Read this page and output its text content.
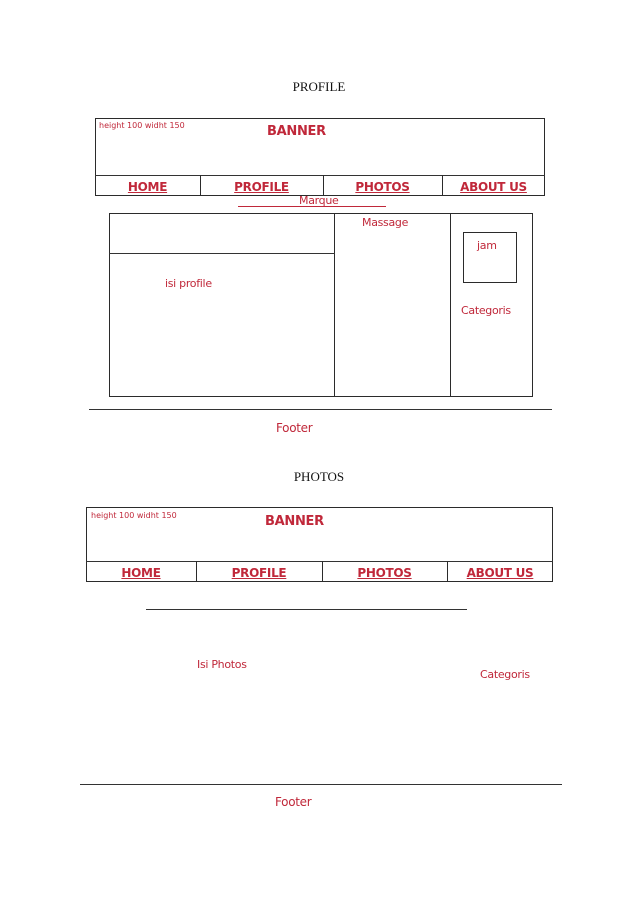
PROFILE
height 100 widht 150	BANNER
HOME	PROFILE	PHOTOS	ABOUT US
Marque
Massage
isi profile
jam
Categoris
Footer
PHOTOS
height 100 widht 150	BANNER
HOME	PROFILE	PHOTOS	ABOUT US
Isi Photos
Categoris
Footer
